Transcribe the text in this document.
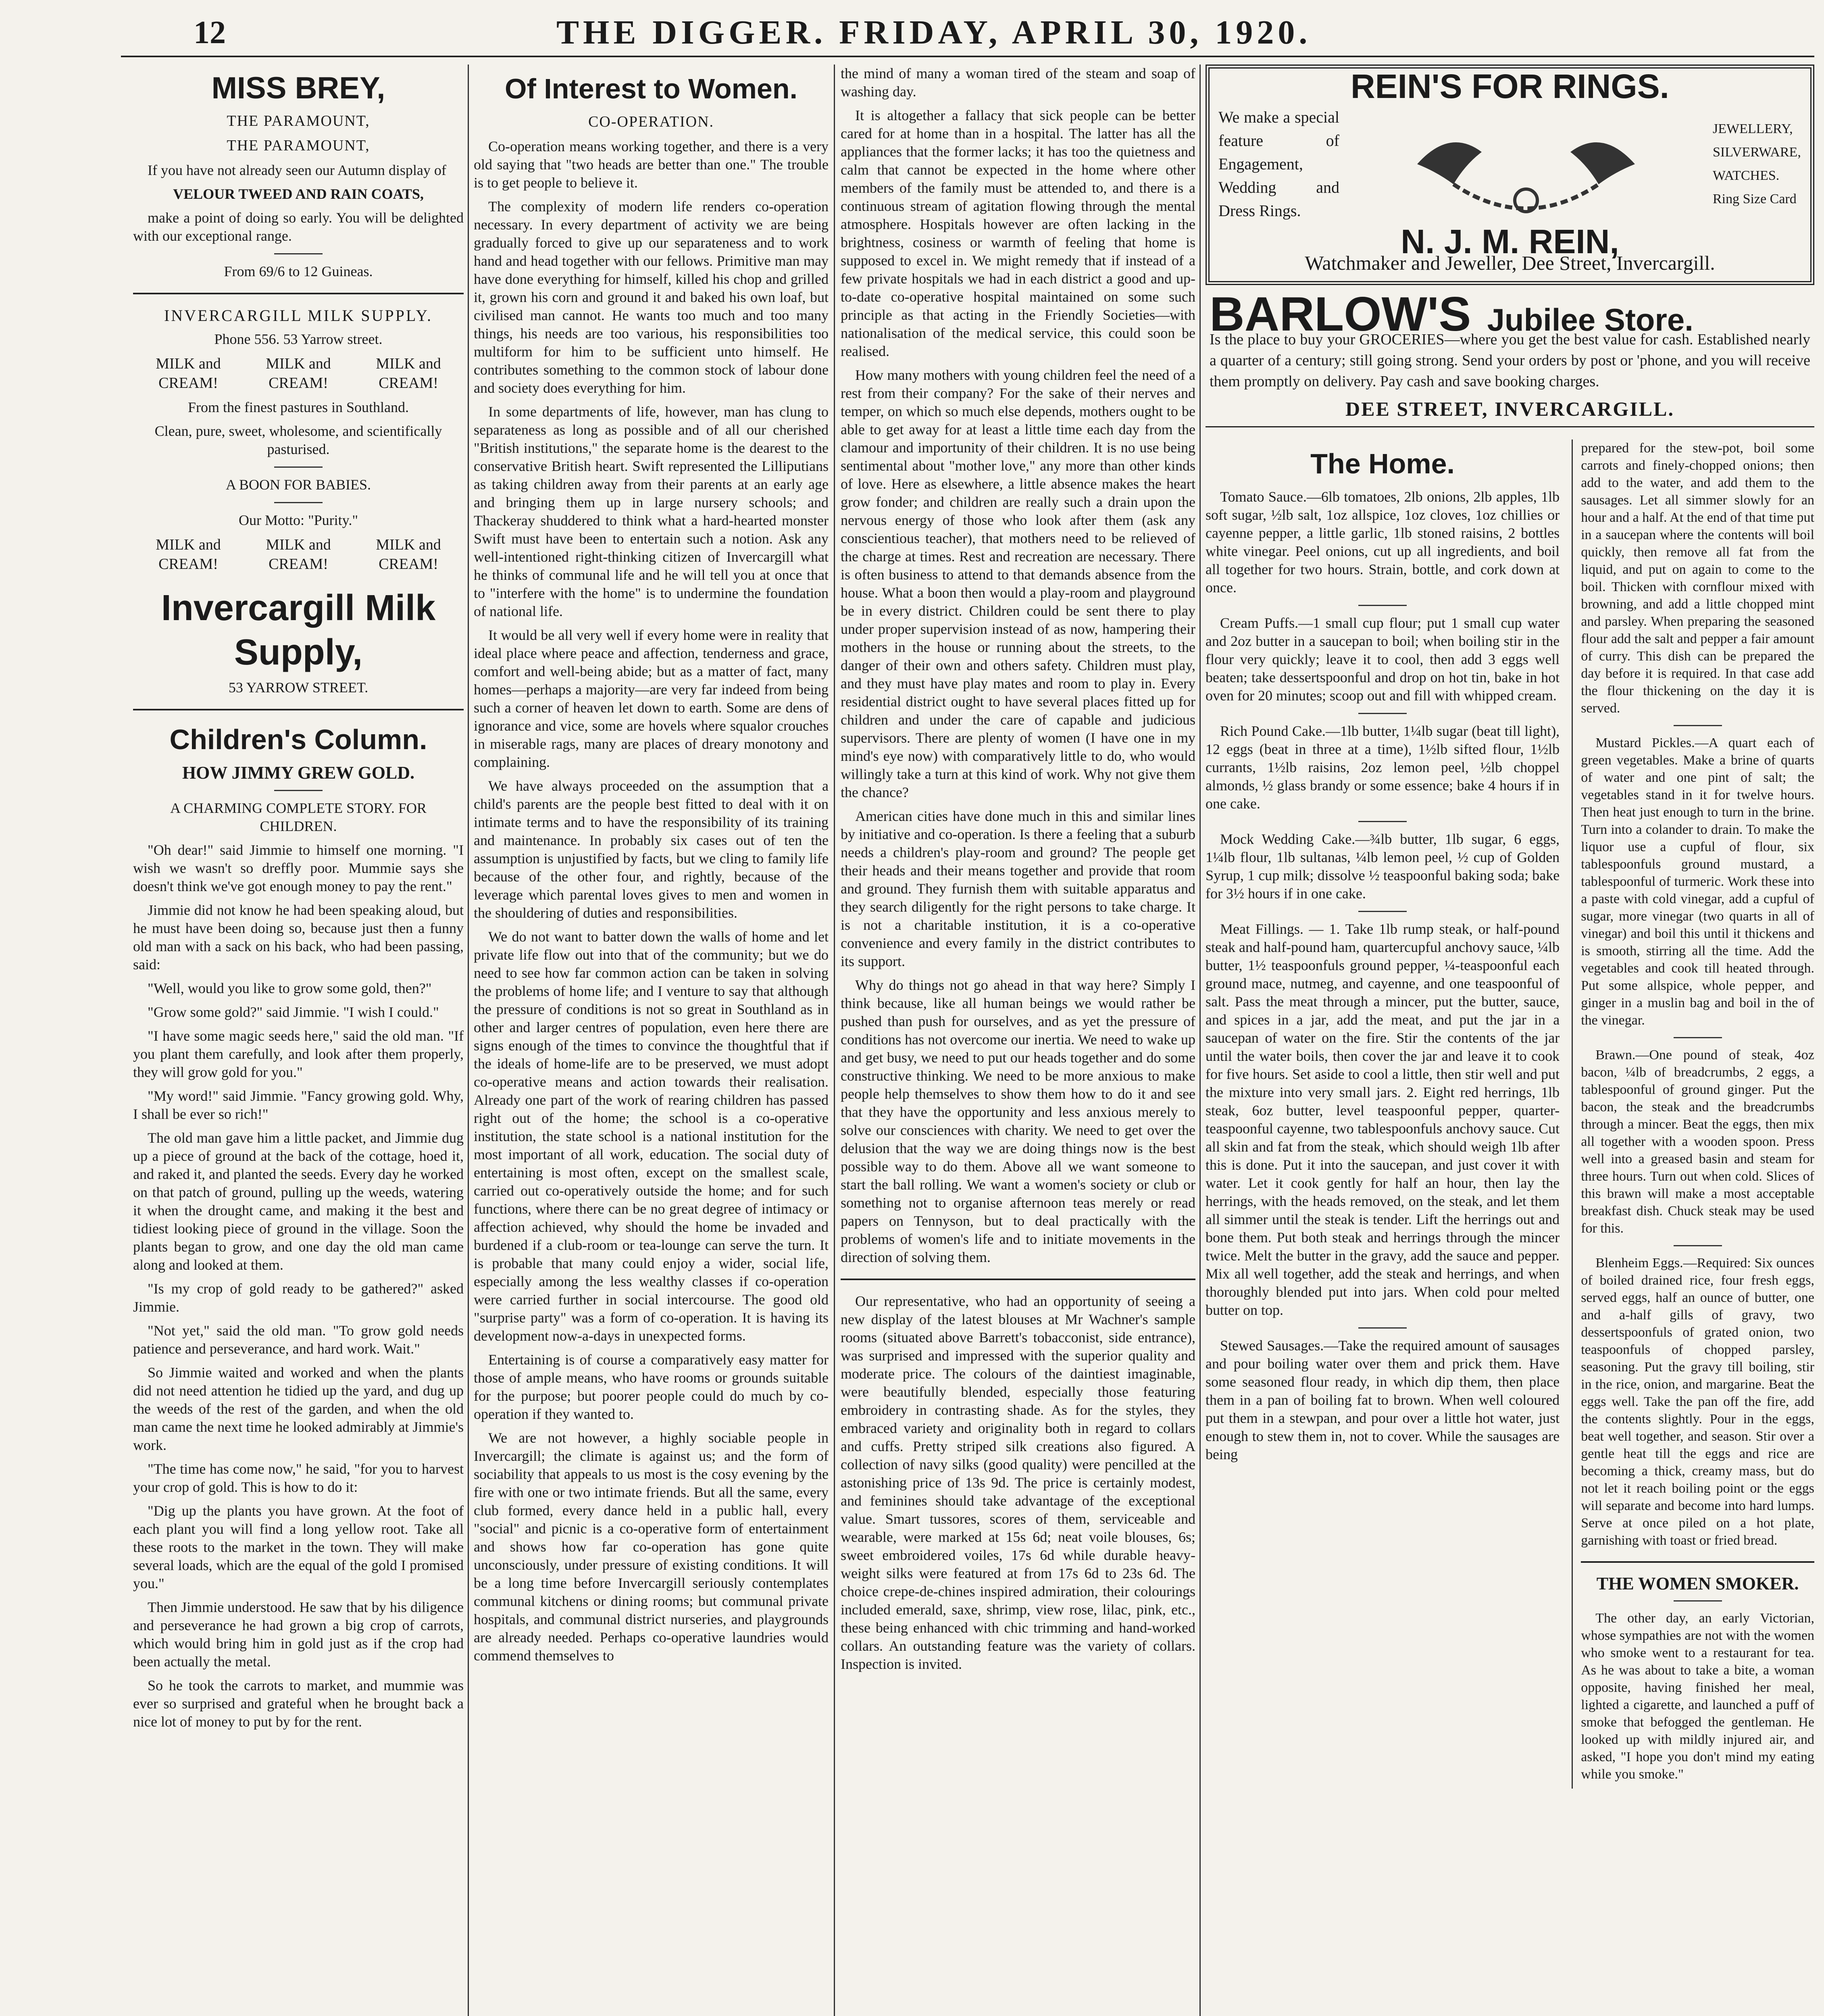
12	THE DIGGER. FRIDAY, APRIL 30, 1920.
MISS BREY,
THE PARAMOUNT,
THE PARAMOUNT,

If you have not already seen our Autumn display of

VELOUR TWEED AND RAIN COATS,

make a point of doing so early. You will be delighted with our exceptional range.

From 69/6 to 12 Guineas.

INVERCARGILL MILK SUPPLY.

Phone 556. 53 Yarrow street.

MILK and CREAM!
MILK and CREAM!
MILK and CREAM!

From the finest pastures in Southland.

Clean, pure, sweet, wholesome, and scientifically pasturised.

A BOON FOR BABIES.

Our Motto: "Purity."

MILK and CREAM!
MILK and CREAM!
MILK and CREAM!
Invercargill Milk Supply,

53 YARROW STREET.

Children's Column.
HOW JIMMY GREW GOLD.

A CHARMING COMPLETE STORY. FOR CHILDREN.

"Oh dear!" said Jimmie to himself one morning. "I wish we wasn't so dreffly poor. Mummie says she doesn't think we've got enough money to pay the rent."

Jimmie did not know he had been speaking aloud, but he must have been doing so, because just then a funny old man with a sack on his back, who had been passing, said:

"Well, would you like to grow some gold, then?"

"Grow some gold?" said Jimmie. "I wish I could."

"I have some magic seeds here," said the old man. "If you plant them carefully, and look after them properly, they will grow gold for you."

"My word!" said Jimmie. "Fancy growing gold. Why, I shall be ever so rich!"

The old man gave him a little packet, and Jimmie dug up a piece of ground at the back of the cottage, hoed it, and raked it, and planted the seeds. Every day he worked on that patch of ground, pulling up the weeds, watering it when the drought came, and making it the best and tidiest looking piece of ground in the village. Soon the plants began to grow, and one day the old man came along and looked at them.

"Is my crop of gold ready to be gathered?" asked Jimmie.

"Not yet," said the old man. "To grow gold needs patience and perseverance, and hard work. Wait."

So Jimmie waited and worked and when the plants did not need attention he tidied up the yard, and dug up the weeds of the rest of the garden, and when the old man came the next time he looked admirably at Jimmie's work.

"The time has come now," he said, "for you to harvest your crop of gold. This is how to do it:

"Dig up the plants you have grown. At the foot of each plant you will find a long yellow root. Take all these roots to the market in the town. They will make several loads, which are the equal of the gold I promised you."

Then Jimmie understood. He saw that by his diligence and perseverance he had grown a big crop of carrots, which would bring him in gold just as if the crop had been actually the metal.

So he took the carrots to market, and mummie was ever so surprised and grateful when he brought back a nice lot of money to put by for the rent.

Of Interest to Women.
CO-OPERATION.

Co-operation means working together, and there is a very old saying that "two heads are better than one." The trouble is to get people to believe it.

The complexity of modern life renders co-operation necessary. In every department of activity we are being gradually forced to give up our separateness and to work hand and head together with our fellows. Primitive man may have done everything for himself, killed his chop and grilled it, grown his corn and ground it and baked his own loaf, but civilised man cannot. He wants too much and too many things, his needs are too various, his responsibilities too multiform for him to be sufficient unto himself. He contributes something to the common stock of labour done and society does everything for him.

In some departments of life, however, man has clung to separateness as long as possible and of all our cherished "British institutions," the separate home is the dearest to the conservative British heart. Swift represented the Lilliputians as taking children away from their parents at an early age and bringing them up in large nursery schools; and Thackeray shuddered to think what a hard-hearted monster Swift must have been to entertain such a notion. Ask any well-intentioned right-thinking citizen of Invercargill what he thinks of communal life and he will tell you at once that to "interfere with the home" is to undermine the foundation of national life.

It would be all very well if every home were in reality that ideal place where peace and affection, tenderness and grace, comfort and well-being abide; but as a matter of fact, many homes—perhaps a majority—are very far indeed from being such a corner of heaven let down to earth. Some are dens of ignorance and vice, some are hovels where squalor crouches in miserable rags, many are places of dreary monotony and complaining.

We have always proceeded on the assumption that a child's parents are the people best fitted to deal with it on intimate terms and to have the responsibility of its training and maintenance. In probably six cases out of ten the assumption is unjustified by facts, but we cling to family life because of the other four, and rightly, because of the leverage which parental loves gives to men and women in the shouldering of duties and responsibilities.

We do not want to batter down the walls of home and let private life flow out into that of the community; but we do need to see how far common action can be taken in solving the problems of home life; and I venture to say that although the pressure of conditions is not so great in Southland as in other and larger centres of population, even here there are signs enough of the times to convince the thoughtful that if the ideals of home-life are to be preserved, we must adopt co-operative means and action towards their realisation. Already one part of the work of rearing children has passed right out of the home; the school is a co-operative institution, the state school is a national institution for the most important of all work, education. The social duty of entertaining is most often, except on the smallest scale, carried out co-operatively outside the home; and for such functions, where there can be no great degree of intimacy or affection achieved, why should the home be invaded and burdened if a club-room or tea-lounge can serve the turn. It is probable that many could enjoy a wider, social life, especially among the less wealthy classes if co-operation were carried further in social intercourse. The good old "surprise party" was a form of co-operation. It is having its development now-a-days in unexpected forms.

Entertaining is of course a comparatively easy matter for those of ample means, who have rooms or grounds suitable for the purpose; but poorer people could do much by co-operation if they wanted to.

We are not however, a highly sociable people in Invercargill; the climate is against us; and the form of sociability that appeals to us most is the cosy evening by the fire with one or two intimate friends. But all the same, every club formed, every dance held in a public hall, every "social" and picnic is a co-operative form of entertainment and shows how far co-operation has gone quite unconsciously, under pressure of existing conditions. It will be a long time before Invercargill seriously contemplates communal kitchens or dining rooms; but communal private hospitals, and communal district nurseries, and playgrounds are already needed. Perhaps co-operative laundries would commend themselves to

the mind of many a woman tired of the steam and soap of washing day.

It is altogether a fallacy that sick people can be better cared for at home than in a hospital. The latter has all the appliances that the former lacks; it has too the quietness and calm that cannot be expected in the home where other members of the family must be attended to, and there is a continuous stream of agitation flowing through the mental atmosphere. Hospitals however are often lacking in the brightness, cosiness or warmth of feeling that home is supposed to excel in. We might remedy that if instead of a few private hospitals we had in each district a good and up-to-date co-operative hospital maintained on some such principle as that acting in the Friendly Societies—with nationalisation of the medical service, this could soon be realised.

How many mothers with young children feel the need of a rest from their company? For the sake of their nerves and temper, on which so much else depends, mothers ought to be able to get away for at least a little time each day from the clamour and importunity of their children. It is no use being sentimental about "mother love," any more than other kinds of love. Here as elsewhere, a little absence makes the heart grow fonder; and children are really such a drain upon the nervous energy of those who look after them (ask any conscientious teacher), that mothers need to be relieved of the charge at times. Rest and recreation are necessary. There is often business to attend to that demands absence from the house. What a boon then would a play-room and playground be in every district. Children could be sent there to play under proper supervision instead of as now, hampering their mothers in the house or running about the streets, to the danger of their own and others safety. Children must play, and they must have play mates and room to play in. Every residential district ought to have several places fitted up for children and under the care of capable and judicious supervisors. There are plenty of women (I have one in my mind's eye now) with comparatively little to do, who would willingly take a turn at this kind of work. Why not give them the chance?

American cities have done much in this and similar lines by initiative and co-operation. Is there a feeling that a suburb needs a children's play-room and ground? The people get their heads and their means together and provide that room and ground. They furnish them with suitable apparatus and they search diligently for the right persons to take charge. It is not a charitable institution, it is a co-operative convenience and every family in the district contributes to its support.

Why do things not go ahead in that way here? Simply I think because, like all human beings we would rather be pushed than push for ourselves, and as yet the pressure of conditions has not overcome our inertia. We need to wake up and get busy, we need to put our heads together and do some constructive thinking. We need to be more anxious to make people help themselves to show them how to do it and see that they have the opportunity and less anxious merely to solve our consciences with charity. We need to get over the delusion that the way we are doing things now is the best possible way to do them. Above all we want someone to start the ball rolling. We want a women's society or club or something not to organise afternoon teas merely or read papers on Tennyson, but to deal practically with the problems of women's life and to initiate movements in the direction of solving them.

Our representative, who had an opportunity of seeing a new display of the latest blouses at Mr Wachner's sample rooms (situated above Barrett's tobacconist, side entrance), was surprised and impressed with the superior quality and moderate price. The colours of the daintiest imaginable, were beautifully blended, especially those featuring embroidery in contrasting shade. As for the styles, they embraced variety and originality both in regard to collars and cuffs. Pretty striped silk creations also figured. A collection of navy silks (good quality) were pencilled at the astonishing price of 13s 9d. The price is certainly modest, and feminines should take advantage of the exceptional value. Smart tussores, scores of them, serviceable and wearable, were marked at 15s 6d; neat voile blouses, 6s; sweet embroidered voiles, 17s 6d while durable heavy-weight silks were featured at from 17s 6d to 23s 6d. The choice crepe-de-chines inspired admiration, their colourings included emerald, saxe, shrimp, view rose, lilac, pink, etc., these being enhanced with chic trimming and hand-worked collars. An outstanding feature was the variety of collars. Inspection is invited.

REIN'S FOR RINGS.
We make a special feature of Engagement, Wedding and Dress Rings.
JEWELLERY, SILVERWARE, WATCHES. Ring Size Card
N. J. M. REIN,
Watchmaker and Jeweller, Dee Street, Invercargill.
BARLOW'S Jubilee Store.

Is the place to buy your GROCERIES—where you get the best value for cash. Established nearly a quarter of a century; still going strong. Send your orders by post or 'phone, and you will receive them promptly on delivery. Pay cash and save booking charges.

DEE STREET, INVERCARGILL.
The Home.

Tomato Sauce.—6lb tomatoes, 2lb onions, 2lb apples, 1lb soft sugar, ½lb salt, 1oz allspice, 1oz cloves, 1oz chillies or cayenne pepper, a little garlic, 1lb stoned raisins, 2 bottles white vinegar. Peel onions, cut up all ingredients, and boil all together for two hours. Strain, bottle, and cork down at once.

Cream Puffs.—1 small cup flour; put 1 small cup water and 2oz butter in a saucepan to boil; when boiling stir in the flour very quickly; leave it to cool, then add 3 eggs well beaten; take dessertspoonful and drop on hot tin, bake in hot oven for 20 minutes; scoop out and fill with whipped cream.

Rich Pound Cake.—1lb butter, 1¼lb sugar (beat till light), 12 eggs (beat in three at a time), 1½lb sifted flour, 1½lb currants, 1½lb raisins, 2oz lemon peel, ½lb choppel almonds, ½ glass brandy or some essence; bake 4 hours if in one cake.

Mock Wedding Cake.—¾lb butter, 1lb sugar, 6 eggs, 1¼lb flour, 1lb sultanas, ¼lb lemon peel, ½ cup of Golden Syrup, 1 cup milk; dissolve ½ teaspoonful baking soda; bake for 3½ hours if in one cake.

Meat Fillings. — 1. Take 1lb rump steak, or half-pound steak and half-pound ham, quartercupful anchovy sauce, ¼lb butter, 1½ teaspoonfuls ground pepper, ¼-teaspoonful each ground mace, nutmeg, and cayenne, and one teaspoonful of salt. Pass the meat through a mincer, put the butter, sauce, and spices in a jar, add the meat, and put the jar in a saucepan of water on the fire. Stir the contents of the jar until the water boils, then cover the jar and leave it to cook for five hours. Set aside to cool a little, then stir well and put the mixture into very small jars. 2. Eight red herrings, 1lb steak, 6oz butter, level teaspoonful pepper, quarter-teaspoonful cayenne, two tablespoonfuls anchovy sauce. Cut all skin and fat from the steak, which should weigh 1lb after this is done. Put it into the saucepan, and just cover it with water. Let it cook gently for half an hour, then lay the herrings, with the heads removed, on the steak, and let them all simmer until the steak is tender. Lift the herrings out and bone them. Put both steak and herrings through the mincer twice. Melt the butter in the gravy, add the sauce and pepper. Mix all well together, add the steak and herrings, and when thoroughly blended put into jars. When cold pour melted butter on top.

Stewed Sausages.—Take the required amount of sausages and pour boiling water over them and prick them. Have some seasoned flour ready, in which dip them, then place them in a pan of boiling fat to brown. When well coloured put them in a stewpan, and pour over a little hot water, just enough to stew them in, not to cover. While the sausages are being

prepared for the stew-pot, boil some carrots and finely-chopped onions; then add to the water, and add them to the sausages. Let all simmer slowly for an hour and a half. At the end of that time put in a saucepan where the contents will boil quickly, then remove all fat from the liquid, and put on again to come to the boil. Thicken with cornflour mixed with browning, and add a little chopped mint and parsley. When preparing the seasoned flour add the salt and pepper a fair amount of curry. This dish can be prepared the day before it is required. In that case add the flour thickening on the day it is served.

Mustard Pickles.—A quart each of green vegetables. Make a brine of quarts of water and one pint of salt; the vegetables stand in it for twelve hours. Then heat just enough to turn in the brine. Turn into a colander to drain. To make the liquor use a cupful of flour, six tablespoonfuls ground mustard, a tablespoonful of turmeric. Work these into a paste with cold vinegar, add a cupful of sugar, more vinegar (two quarts in all of vinegar) and boil this until it thickens and is smooth, stirring all the time. Add the vegetables and cook till heated through. Put some allspice, whole pepper, and ginger in a muslin bag and boil in the of the vinegar.

Brawn.—One pound of steak, 4oz bacon, ¼lb of breadcrumbs, 2 eggs, a tablespoonful of ground ginger. Put the bacon, the steak and the breadcrumbs through a mincer. Beat the eggs, then mix all together with a wooden spoon. Press well into a greased basin and steam for three hours. Turn out when cold. Slices of this brawn will make a most acceptable breakfast dish. Chuck steak may be used for this.

Blenheim Eggs.—Required: Six ounces of boiled drained rice, four fresh eggs, served eggs, half an ounce of butter, one and a-half gills of gravy, two dessertspoonfuls of grated onion, two teaspoonfuls of chopped parsley, seasoning. Put the gravy till boiling, stir in the rice, onion, and margarine. Beat the eggs well. Take the pan off the fire, add the contents slightly. Pour in the eggs, beat well together, and season. Stir over a gentle heat till the eggs and rice are becoming a thick, creamy mass, but do not let it reach boiling point or the eggs will separate and become into hard lumps. Serve at once piled on a hot plate, garnishing with toast or fried bread.

THE WOMEN SMOKER.

The other day, an early Victorian, whose sympathies are not with the women who smoke went to a restaurant for tea. As he was about to take a bite, a woman opposite, having finished her meal, lighted a cigarette, and launched a puff of smoke that befogged the gentleman. He looked up with mildly injured air, and asked, "I hope you don't mind my eating while you smoke."
